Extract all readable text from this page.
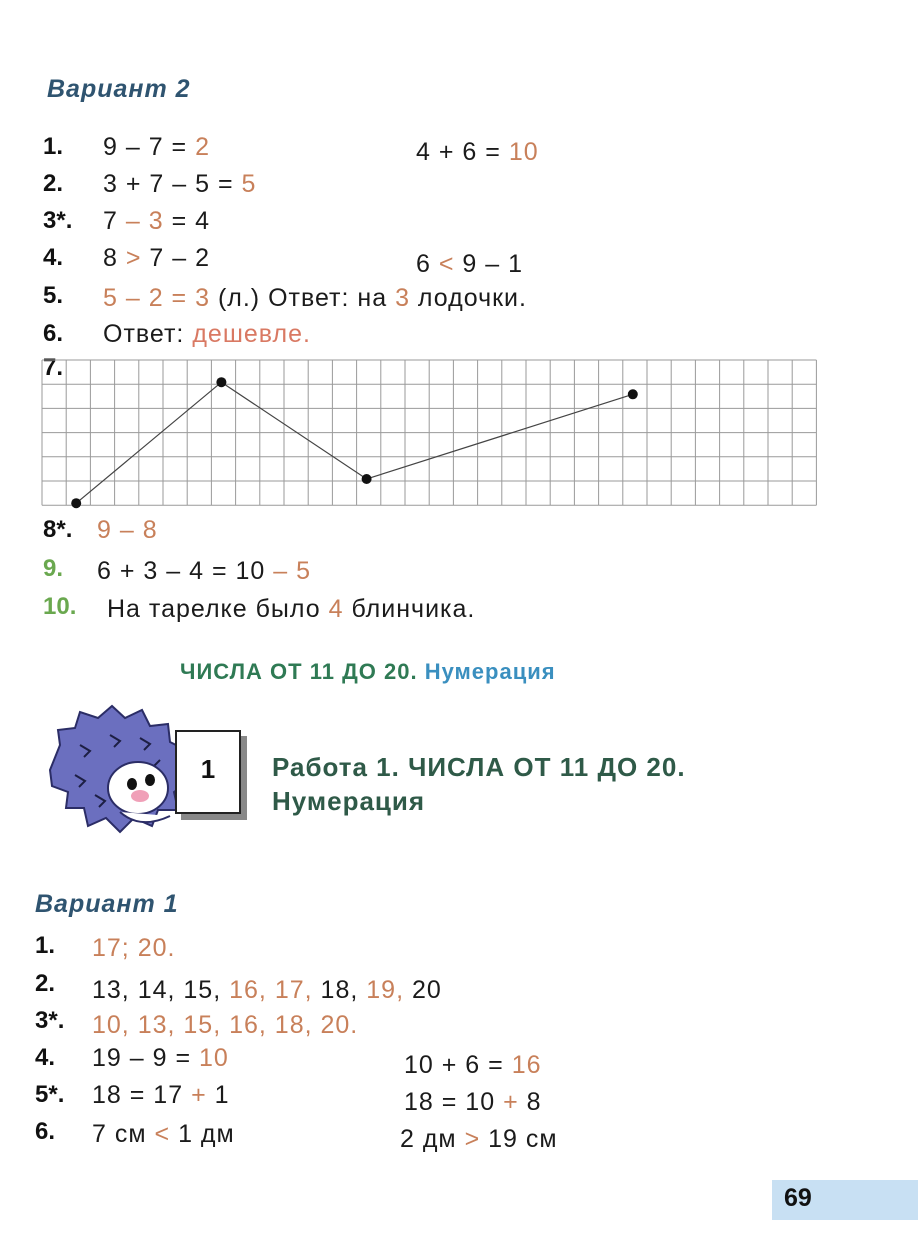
Вариант 2
1. 9 – 7 = 2	4 + 6 = 10
2. 3 + 7 – 5 = 5
3*. 7 – 3 = 4
4. 8 > 7 – 2	6 < 9 – 1
5. 5 – 2 = 3 (л.) Ответ: на 3 лодочки.
6. Ответ: дешевле.
7.
8*. 9 – 8
9. 6 + 3 – 4 = 10 – 5
10. На тарелке было 4 блинчика.
ЧИСЛА ОТ 11 ДО 20. Нумерация

1	Работа 1. ЧИСЛА ОТ 11 ДО 20.
Нумерация
Вариант 1
1. 17; 20.
2. 13, 14, 15, 16, 17, 18, 19, 20
3*. 10, 13, 15, 16, 18, 20.
4. 19 – 9 = 10	10 + 6 = 16
5*. 18 = 17 + 1	18 = 10 + 8
6. 7 см < 1 дм	2 дм > 19 см
69
